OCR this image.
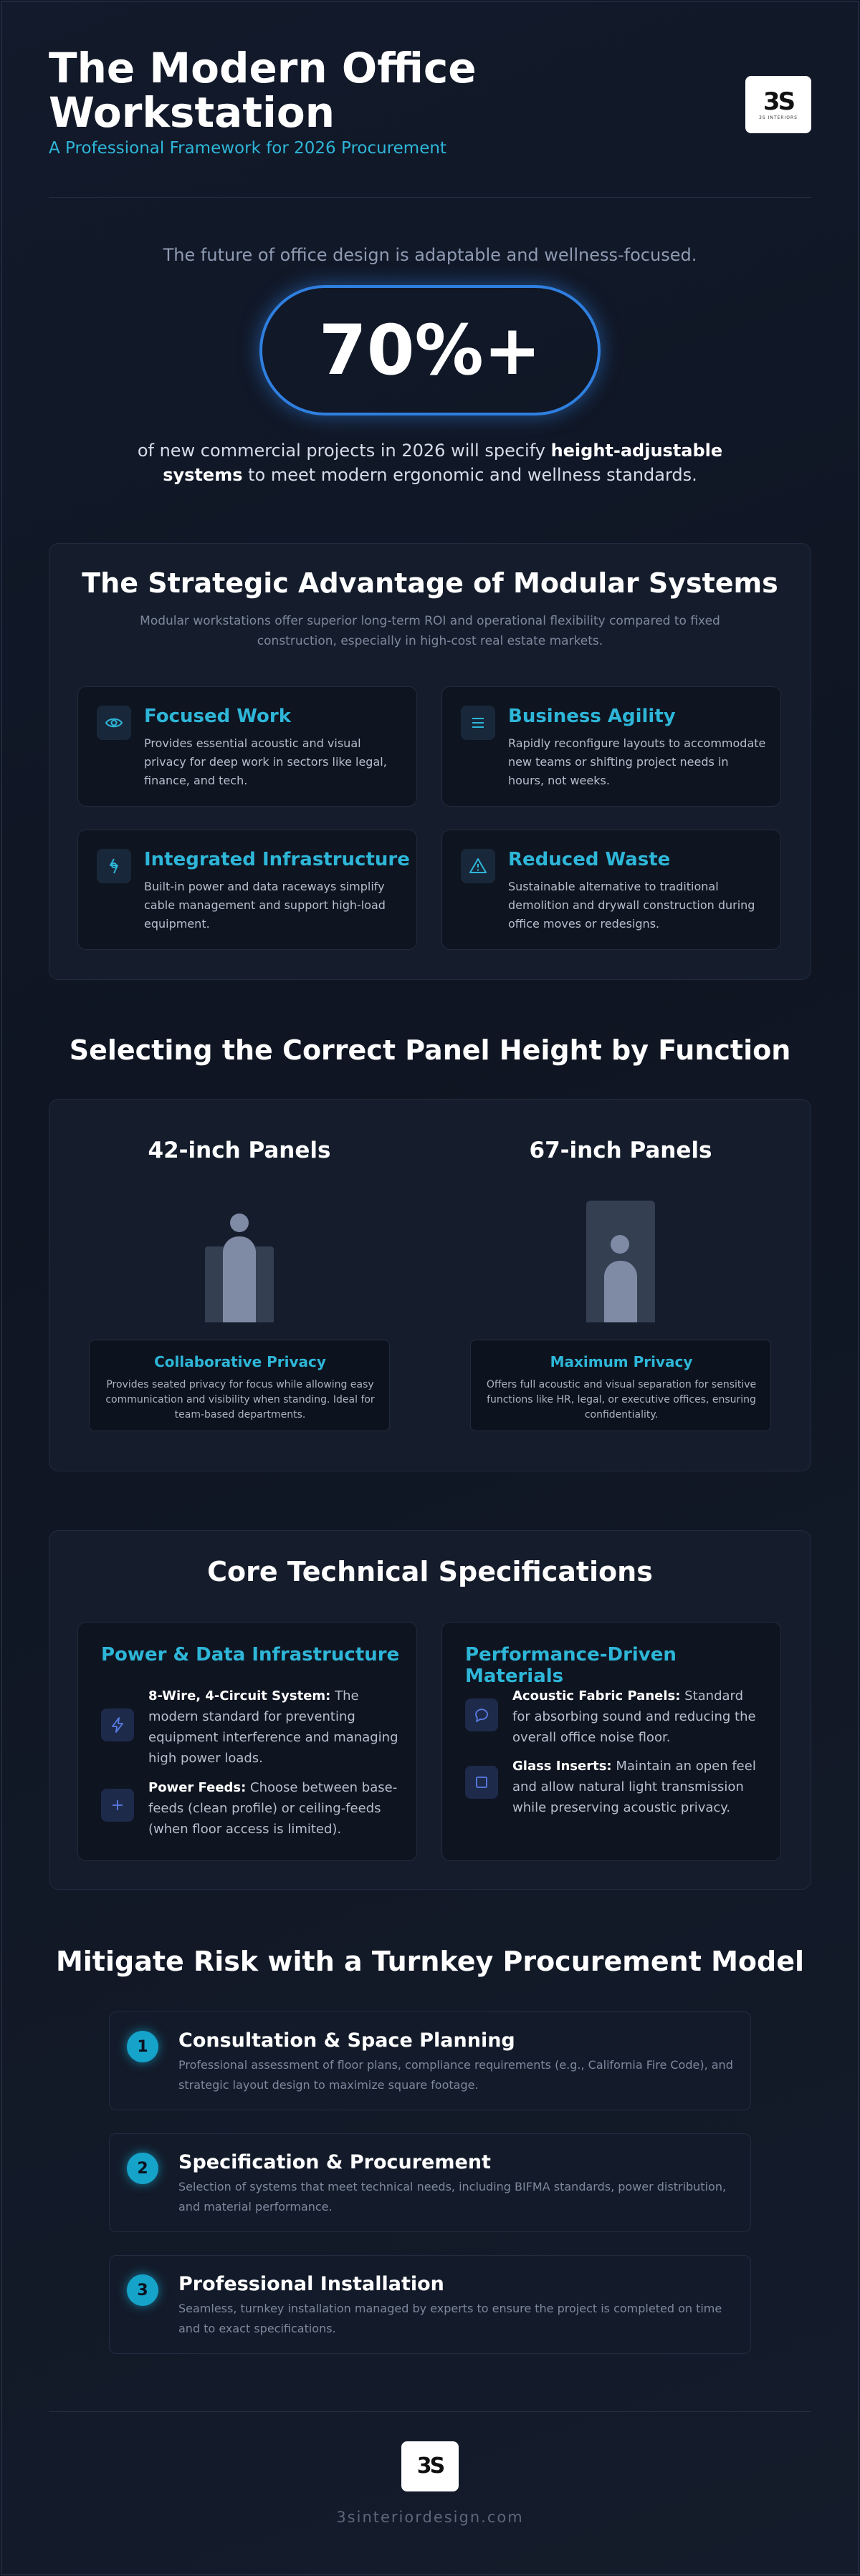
The Modern Office Workstation
A Professional Framework for 2026 Procurement
3S
3S INTERIORS
The future of office design is adaptable and wellness-focused.
70%+
of new commercial projects in 2026 will specify height-adjustable systems to meet modern ergonomic and wellness standards.
The Strategic Advantage of Modular Systems
Modular workstations offer superior long-term ROI and operational flexibility compared to fixed construction, especially in high-cost real estate markets.
Focused Work
Provides essential acoustic and visual privacy for deep work in sectors like legal, finance, and tech.
Business Agility
Rapidly reconfigure layouts to accommodate new teams or shifting project needs in hours, not weeks.
Integrated Infrastructure
Built-in power and data raceways simplify cable management and support high-load equipment.
Reduced Waste
Sustainable alternative to traditional demolition and drywall construction during office moves or redesigns.
Selecting the Correct Panel Height by Function
42-inch Panels
Collaborative Privacy
Provides seated privacy for focus while allowing easy communication and visibility when standing. Ideal for team-based departments.
67-inch Panels
Maximum Privacy
Offers full acoustic and visual separation for sensitive functions like HR, legal, or executive offices, ensuring confidentiality.
Core Technical Specifications
Power & Data Infrastructure
8-Wire, 4-Circuit System: The modern standard for preventing equipment interference and managing high power loads.
Power Feeds: Choose between base-feeds (clean profile) or ceiling-feeds (when floor access is limited).
Performance-Driven Materials
Acoustic Fabric Panels: Standard for absorbing sound and reducing the overall office noise floor.
Glass Inserts: Maintain an open feel and allow natural light transmission while preserving acoustic privacy.
Mitigate Risk with a Turnkey Procurement Model
1	Consultation & Space Planning
Professional assessment of floor plans, compliance requirements (e.g., California Fire Code), and strategic layout design to maximize square footage.
2	Specification & Procurement
Selection of systems that meet technical needs, including BIFMA standards, power distribution, and material performance.
3	Professional Installation
Seamless, turnkey installation managed by experts to ensure the project is completed on time and to exact specifications.
3S
3sinteriordesign.com
